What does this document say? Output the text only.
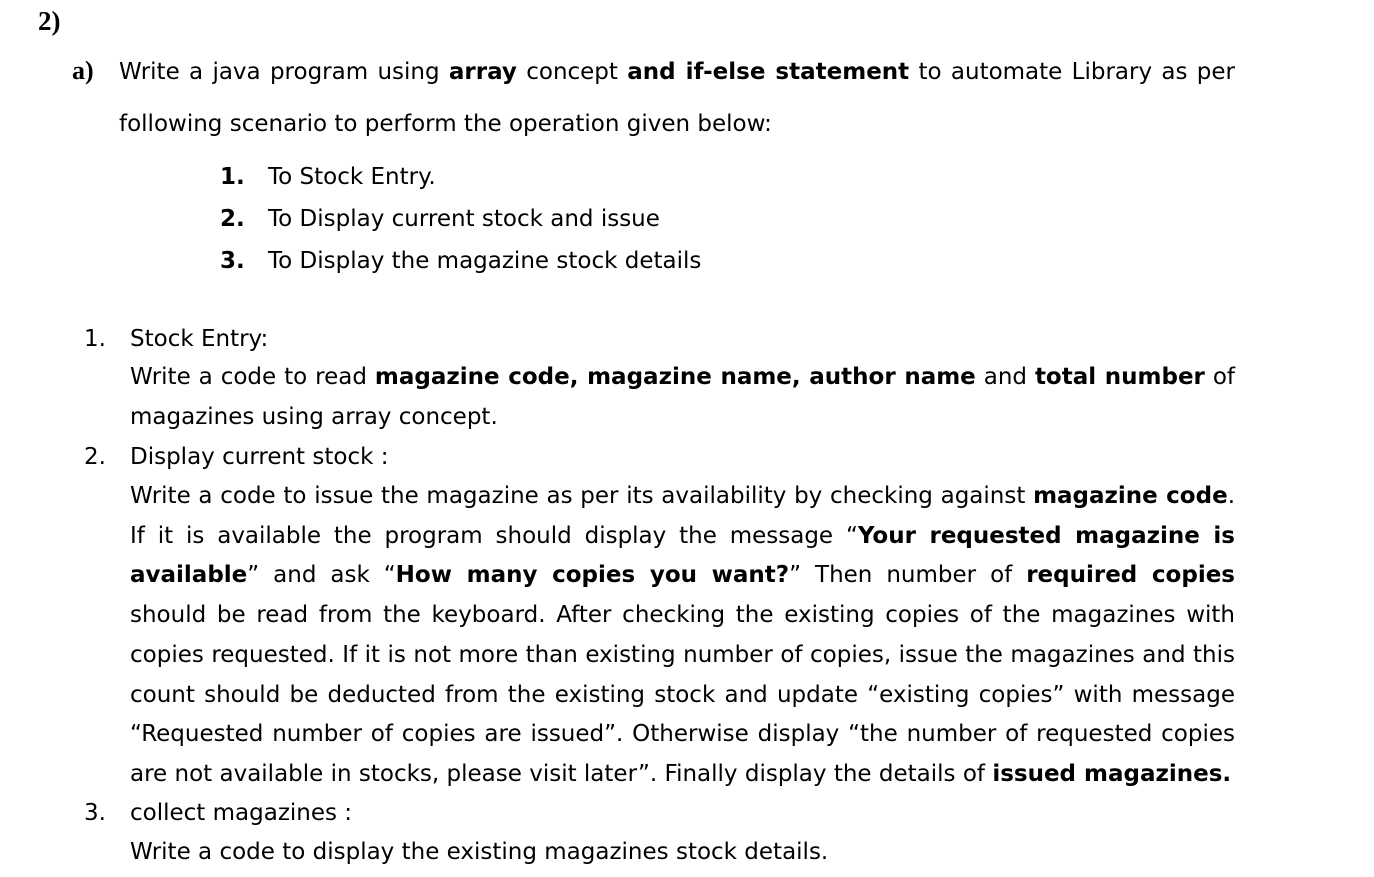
2)
a) Write a java program using array concept and if-else statement to automate Library as per following scenario to perform the operation given below:
1. To Stock Entry.
2. To Display current stock and issue
3. To Display the magazine stock details
1. Stock Entry:
Write a code to read magazine code, magazine name, author name and total number of magazines using array concept.
2. Display current stock :
Write a code to issue the magazine as per its availability by checking against magazine code. If it is available the program should display the message “Your requested magazine is available” and ask “How many copies you want?” Then number of required copies should be read from the keyboard. After checking the existing copies of the magazines with copies requested. If it is not more than existing number of copies, issue the magazines and this count should be deducted from the existing stock and update “existing copies” with message “Requested number of copies are issued”. Otherwise display “the number of requested copies are not available in stocks, please visit later”. Finally display the details of issued magazines.
3. collect magazines :
Write a code to display the existing magazines stock details.
